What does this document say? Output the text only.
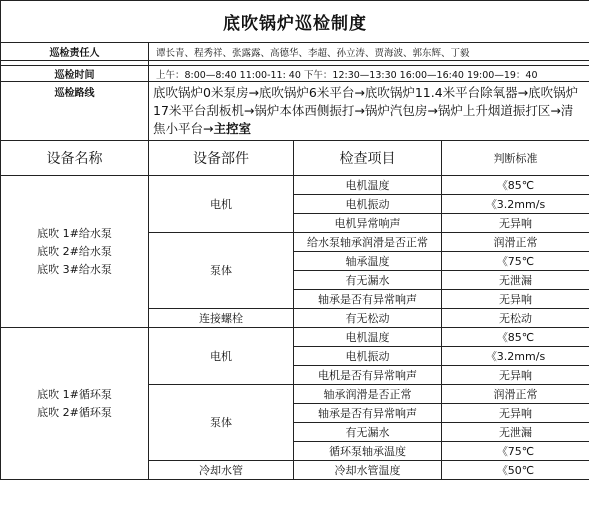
底吹锅炉巡检制度			
巡检责任人	谭长青、程秀祥、张露露、高德华、李超、孙立涛、贾海波、郭东辉、丁毅		

巡检时间	上午：8:00—8:40 11:00-11: 40 下午：12:30—13:30 16:00—16:40 19:00—19：40		
巡检路线	底吹锅炉0米泵房→底吹锅炉6米平台→底吹锅炉11.4米平台除氧器→底吹锅炉17米平台刮板机→锅炉本体西侧振打→锅炉汽包房→锅炉上升烟道振打区→清焦小平台→主控室		
设备名称	设备部件	检查项目	判断标准

底吹 1#给水泵
底吹 2#给水泵
底吹 3#给水泵	电机	电机温度	《85℃
		电机振动	《3.2mm/s
		电机异常响声	无异响
	泵体	给水泵轴承润滑是否正常	润滑正常
		轴承温度	《75℃
		有无漏水	无泄漏
		轴承是否有异常响声	无异响
	连接螺栓	有无松动	无松动

底吹 1#循环泵
底吹 2#循环泵	电机	电机温度	《85℃
		电机振动	《3.2mm/s
		电机是否有异常响声	无异响
	泵体	轴承润滑是否正常	润滑正常
		轴承是否有异常响声	无异响
		有无漏水	无泄漏
		循环泵轴承温度	《75℃
	冷却水管	冷却水管温度	《50℃
